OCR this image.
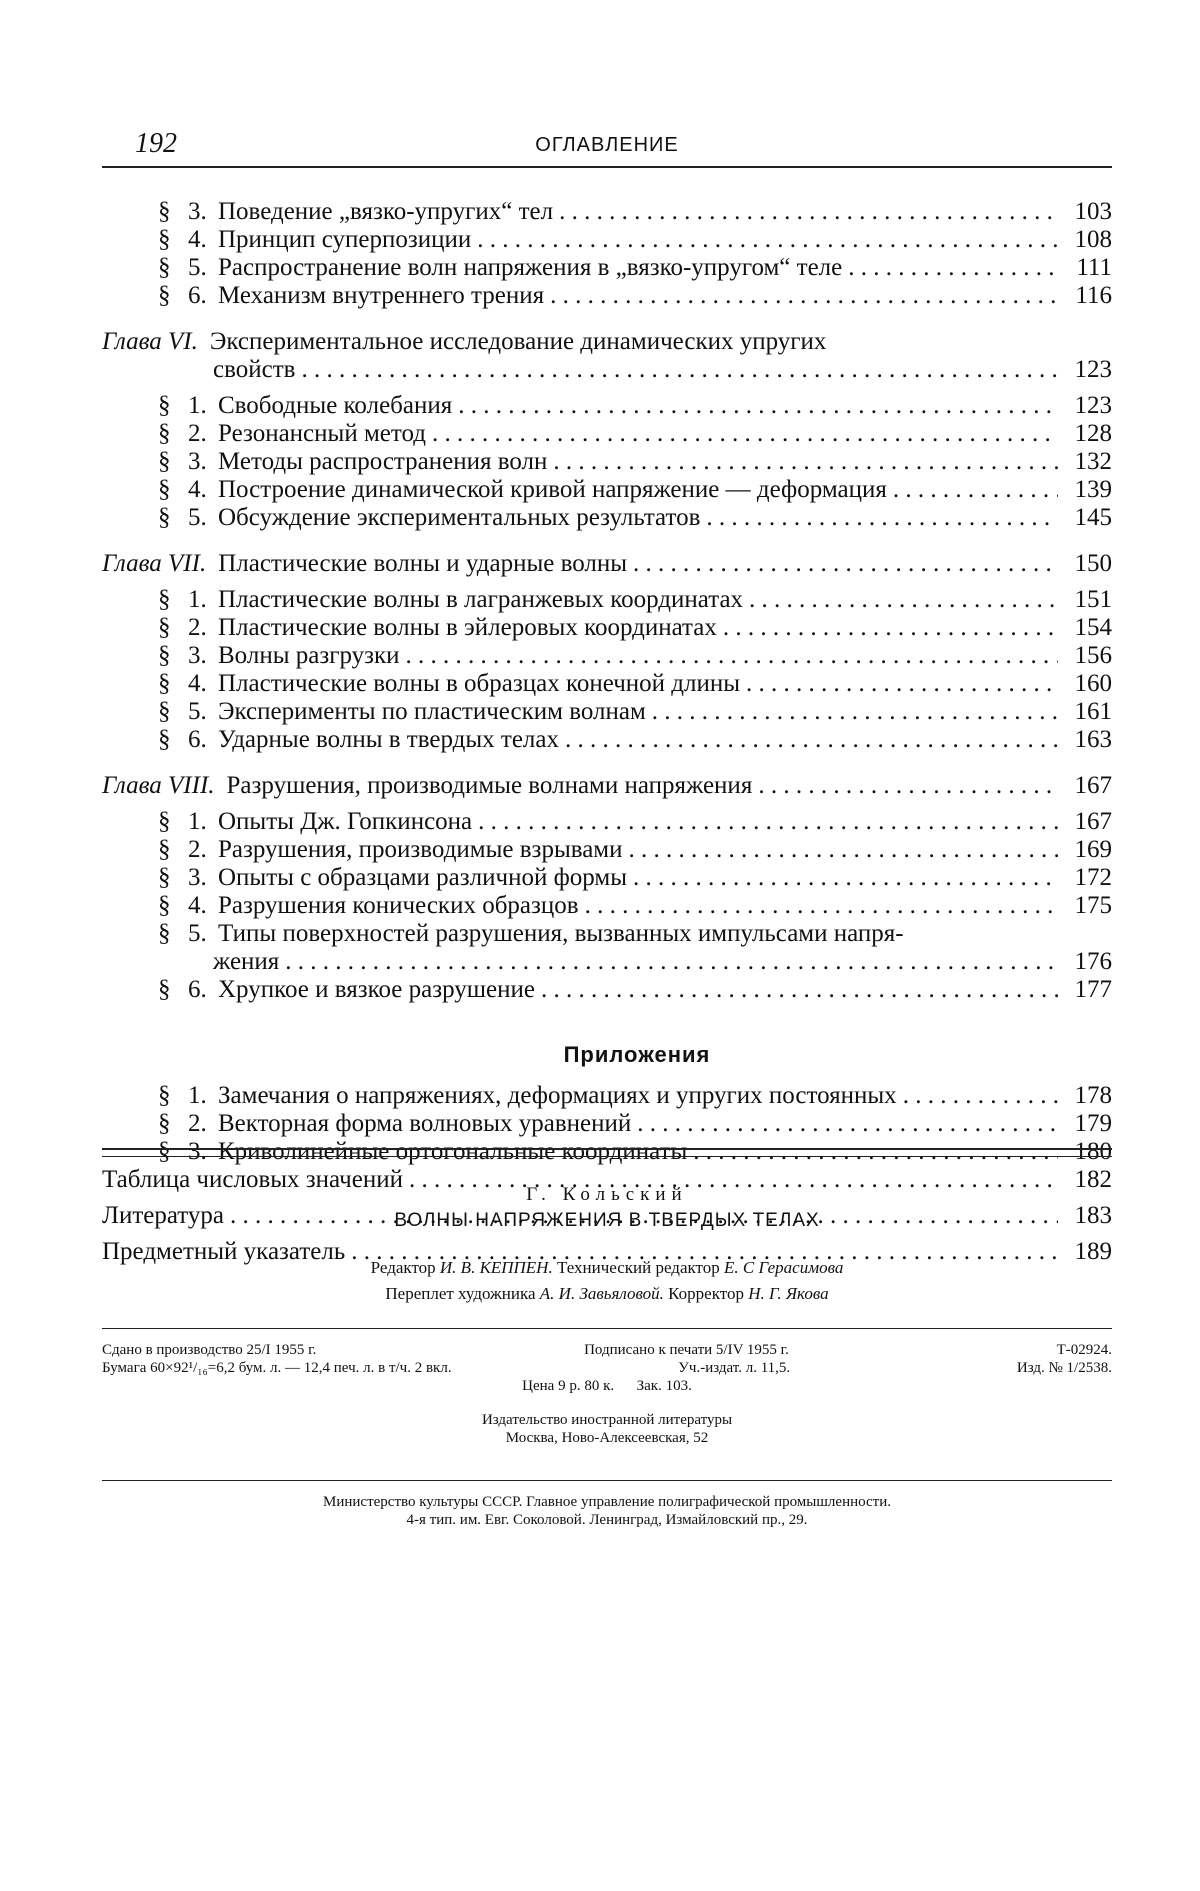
192	ОГЛАВЛЕНИЕ
§ 3. Поведение „вязко-упругих“ тел . . .	103
§ 4. Принцип суперпозиции . . .	108
§ 5. Распространение волн напряжения в „вязко-упругом“ теле . . .	111
§ 6. Механизм внутреннего трения . . .	116
Глава VI. Экспериментальное исследование динамических упругих
свойств . . .	123
§ 1. Свободные колебания . . .	123
§ 2. Резонансный метод . . .	128
§ 3. Методы распространения волн . . .	132
§ 4. Построение динамической кривой напряжение — деформация . . .	139
§ 5. Обсуждение экспериментальных результатов . . .	145
Глава VII. Пластические волны и ударные волны . . .	150
§ 1. Пластические волны в лагранжевых координатах . . .	151
§ 2. Пластические волны в эйлеровых координатах . . .	154
§ 3. Волны разгрузки . . .	156
§ 4. Пластические волны в образцах конечной длины . . .	160
§ 5. Эксперименты по пластическим волнам . . .	161
§ 6. Ударные волны в твердых телах . . .	163
Глава VIII. Разрушения, производимые волнами напряжения . . .	167
§ 1. Опыты Дж. Гопкинсона . . .	167
§ 2. Разрушения, производимые взрывами . . .	169
§ 3. Опыты с образцами различной формы . . .	172
§ 4. Разрушения конических образцов . . .	175
§ 5. Типы поверхностей разрушения, вызванных импульсами напря-
жения . . .	176
§ 6. Хрупкое и вязкое разрушение . . .	177
Приложения
§ 1. Замечания о напряжениях, деформациях и упругих постоянных . . .	178
§ 2. Векторная форма волновых уравнений . . .	179
§ 3. Криволинейные ортогональные координаты . . .	180
Таблица числовых значений . . .	182
Литература . . .	183
Предметный указатель . . .	189
Г. Кольский
ВОЛНЫ НАПРЯЖЕНИЯ В ТВЕРДЫХ ТЕЛАХ
Редактор И. В. КЕППЕН. Технический редактор Е. С Герасимова
Переплет художника А. И. Завьяловой. Корректор Н. Г. Якова
Сдано в производство 25/I 1955 г.	Подписано к печати 5/IV 1955 г.	Т-02924.
Бумага 60×92¹/₁₆=6,2 бум. л. — 12,4 печ. л. в т/ч. 2 вкл.	Уч.-издат. л. 11,5.	Изд. № 1/2538.
Цена 9 р. 80 к.
Зак. 103.
Издательство иностранной литературы
Москва, Ново-Алексеевская, 52
Министерство культуры СССР. Главное управление полиграфической промышленности.
4-я тип. им. Евг. Соколовой. Ленинград, Измайловский пр., 29.
